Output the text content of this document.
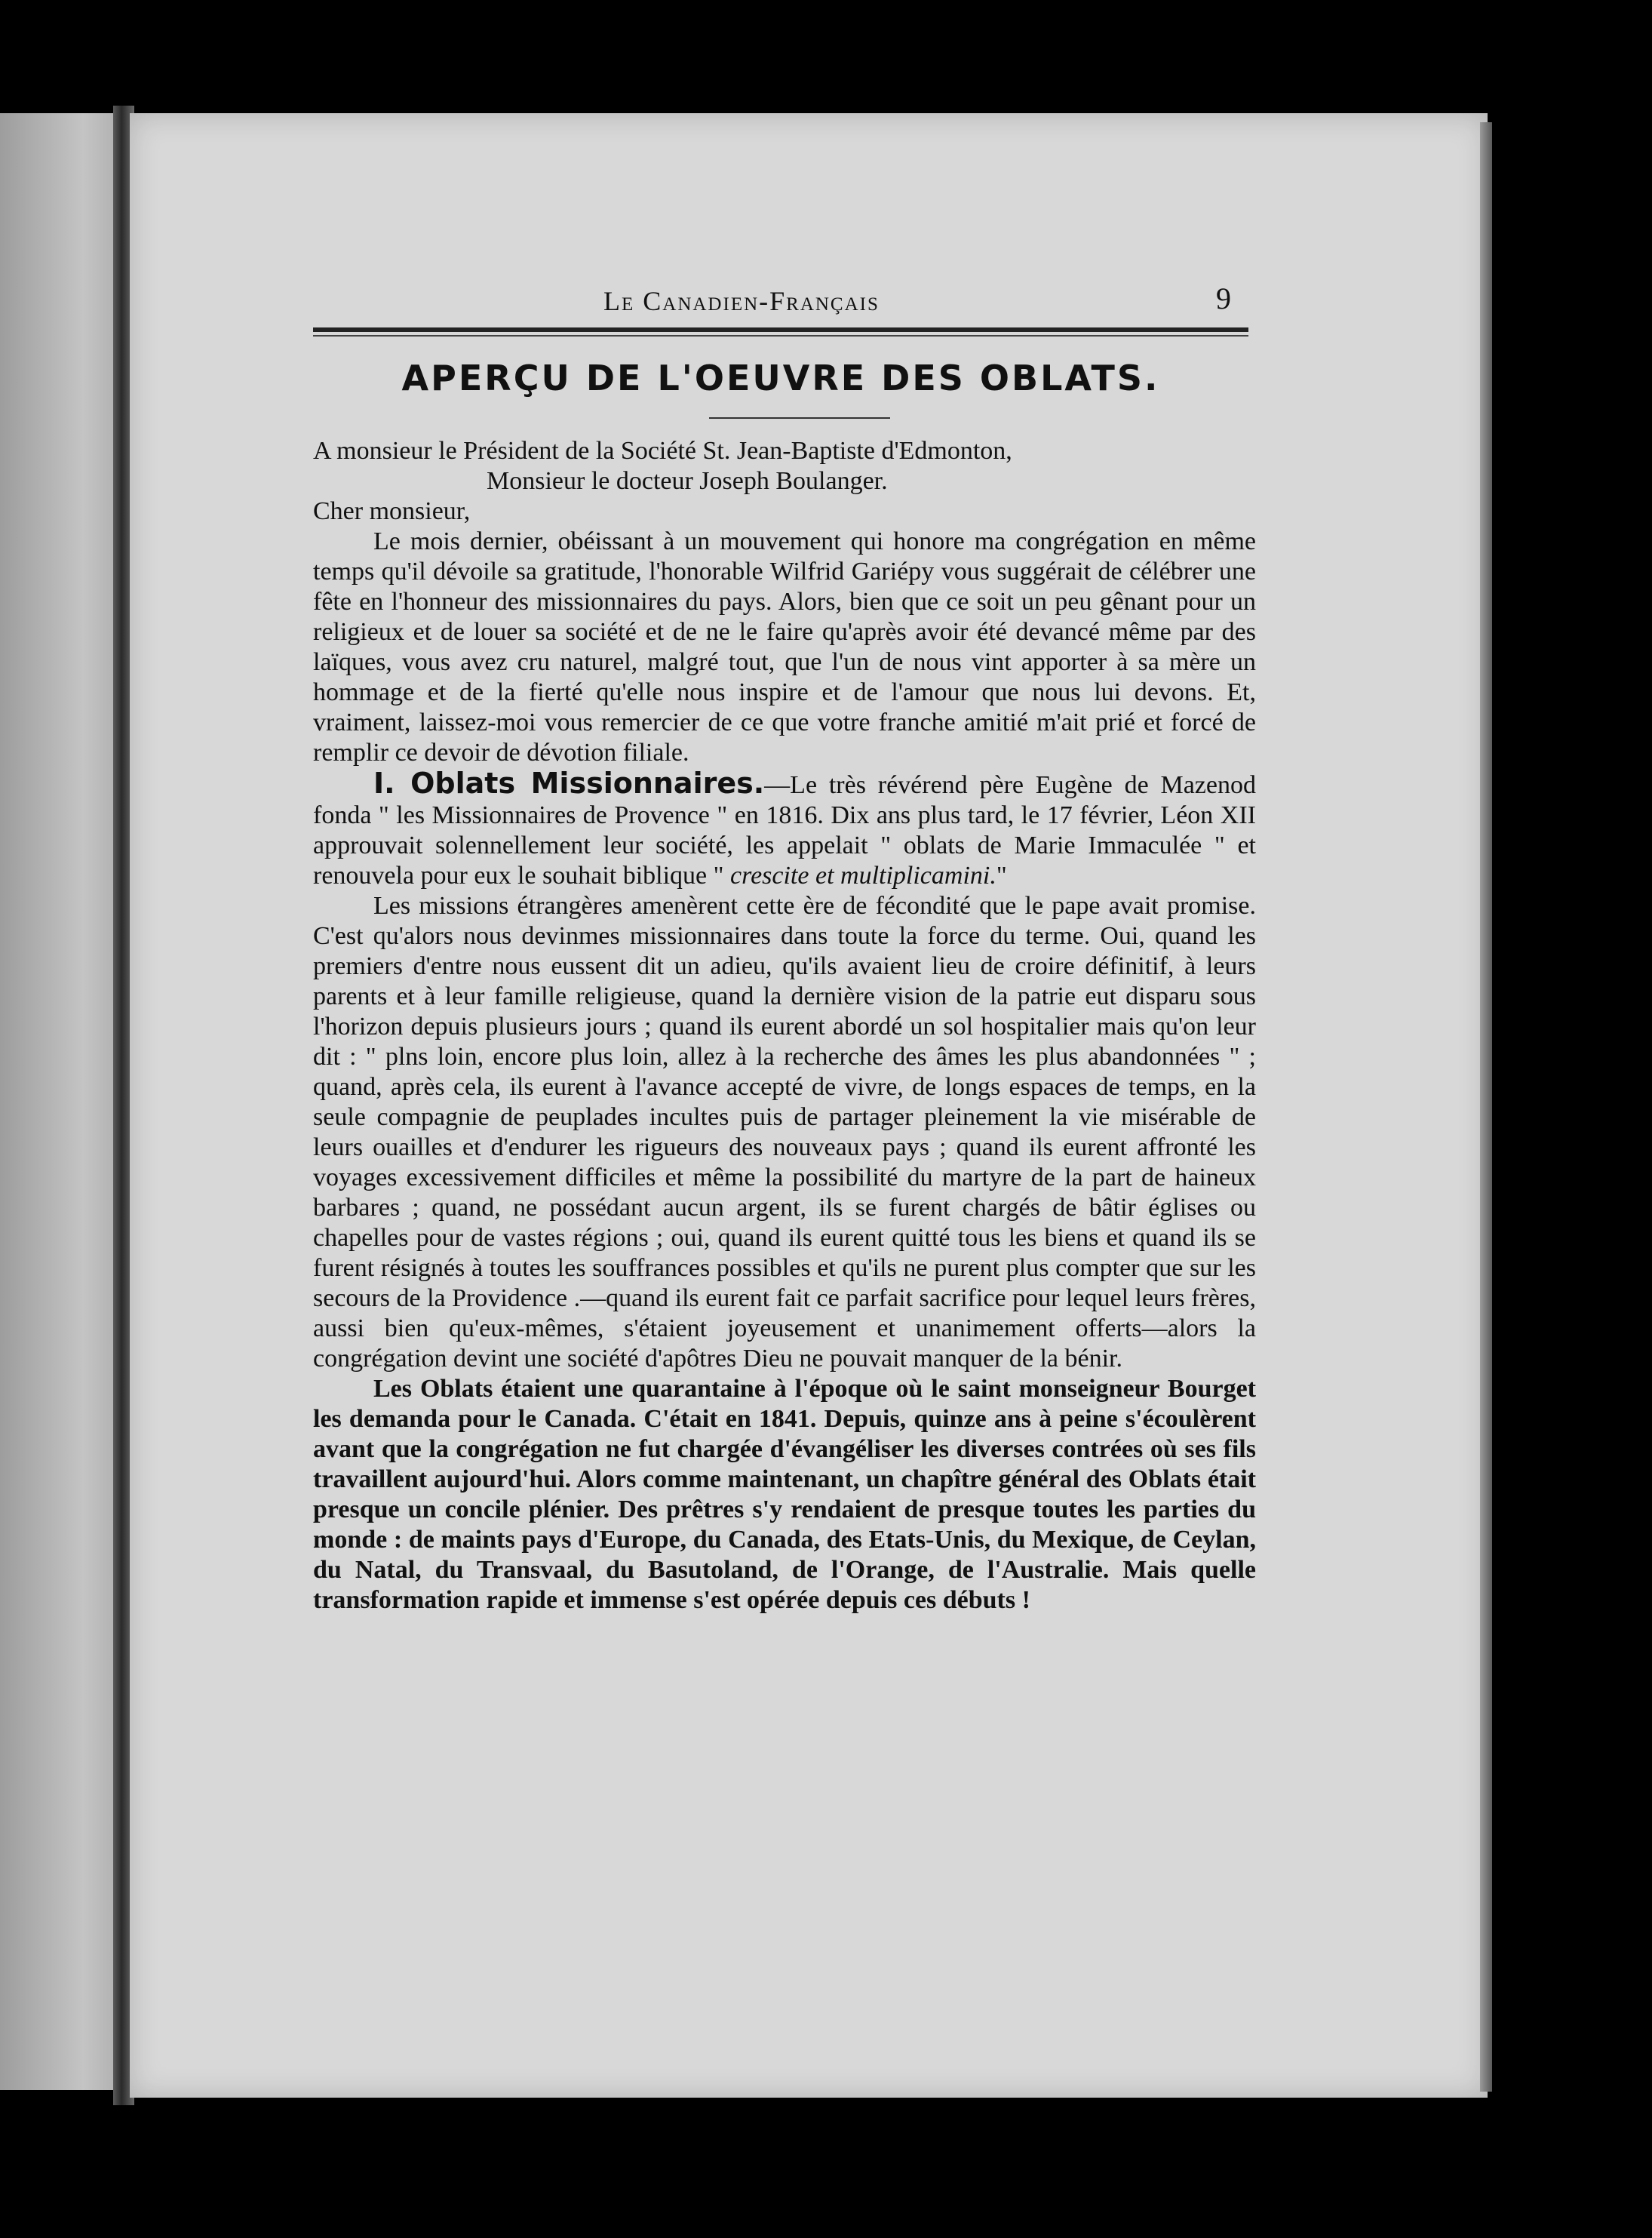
Le Canadien-Français	9
APERÇU DE L'OEUVRE DES OBLATS.

A monsieur le Président de la Société St. Jean-Baptiste d'Edmonton,

Monsieur le docteur Joseph Boulanger.

Cher monsieur,

Le mois dernier, obéissant à un mouvement qui honore ma congrégation en même temps qu'il dévoile sa gratitude, l'honorable Wilfrid Gariépy vous suggérait de célébrer une fête en l'honneur des missionnaires du pays. Alors, bien que ce soit un peu gênant pour un religieux et de louer sa société et de ne le faire qu'après avoir été devancé même par des laïques, vous avez cru naturel, malgré tout, que l'un de nous vint apporter à sa mère un hommage et de la fierté qu'elle nous inspire et de l'amour que nous lui devons. Et, vraiment, laissez-moi vous remercier de ce que votre franche amitié m'ait prié et forcé de remplir ce devoir de dévotion filiale.

I. Oblats Missionnaires.—Le très révérend père Eugène de Mazenod fonda " les Missionnaires de Provence " en 1816. Dix ans plus tard, le 17 février, Léon XII approuvait solennellement leur société, les appelait " oblats de Marie Immaculée " et renouvela pour eux le souhait biblique " crescite et multiplicamini."

Les missions étrangères amenèrent cette ère de fécondité que le pape avait promise. C'est qu'alors nous devinmes missionnaires dans toute la force du terme. Oui, quand les premiers d'entre nous eussent dit un adieu, qu'ils avaient lieu de croire définitif, à leurs parents et à leur famille religieuse, quand la dernière vision de la patrie eut disparu sous l'horizon depuis plusieurs jours ; quand ils eurent abordé un sol hospitalier mais qu'on leur dit : " plns loin, encore plus loin, allez à la recherche des âmes les plus abandonnées " ; quand, après cela, ils eurent à l'avance accepté de vivre, de longs espaces de temps, en la seule compagnie de peuplades incultes puis de partager pleinement la vie misérable de leurs ouailles et d'endurer les rigueurs des nouveaux pays ; quand ils eurent affronté les voyages excessivement difficiles et même la possibilité du martyre de la part de haineux barbares ; quand, ne possédant aucun argent, ils se furent chargés de bâtir églises ou chapelles pour de vastes régions ; oui, quand ils eurent quitté tous les biens et quand ils se furent résignés à toutes les souffrances possibles et qu'ils ne purent plus compter que sur les secours de la Providence .—quand ils eurent fait ce parfait sacrifice pour lequel leurs frères, aussi bien qu'eux-mêmes, s'étaient joyeusement et unanimement offerts—alors la congrégation devint une société d'apôtres Dieu ne pouvait manquer de la bénir.

Les Oblats étaient une quarantaine à l'époque où le saint monseigneur Bourget les demanda pour le Canada. C'était en 1841. Depuis, quinze ans à peine s'écoulèrent avant que la congrégation ne fut chargée d'évangéliser les diverses contrées où ses fils travaillent aujourd'hui. Alors comme maintenant, un chapître général des Oblats était presque un concile plénier. Des prêtres s'y rendaient de presque toutes les parties du monde : de maints pays d'Europe, du Canada, des Etats-Unis, du Mexique, de Ceylan, du Natal, du Transvaal, du Basutoland, de l'Orange, de l'Australie. Mais quelle transformation rapide et immense s'est opérée depuis ces débuts !
